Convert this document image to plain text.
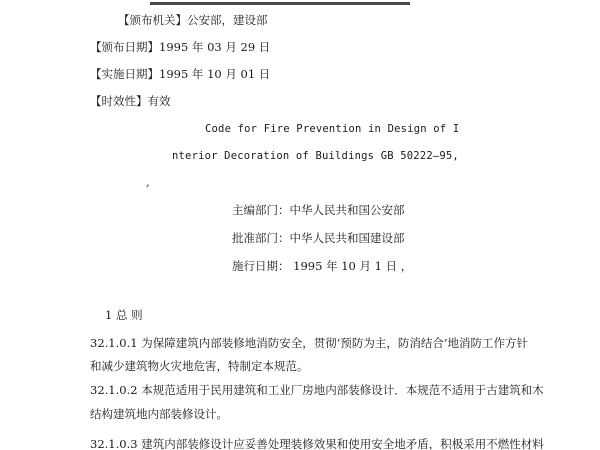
【颁布机关】公安部，建设部
【颁布日期】1995 年 03 月 29 日
【实施日期】1995 年 10 月 01 日
【时效性】有效
Code for Fire Prevention in Design of I
nterior Decoration of Buildings GB 50222—95,
,
主编部门：中华人民共和国公安部
批准部门：中华人民共和国建设部
施行日期： 1995 年 10 月 1 日 ，
1 总 则
32.1.0.1 为保障建筑内部装修地消防安全，贯彻’预防为主，防消结合’地消防工作方针
和减少建筑物火灾地危害，特制定本规范。
32.1.0.2 本规范适用于民用建筑和工业厂房地内部装修设计．本规范不适用于古建筑和木
结构建筑地内部装修设计。
32.1.0.3 建筑内部装修设计应妥善处理装修效果和使用安全地矛盾，积极采用不燃性材料
